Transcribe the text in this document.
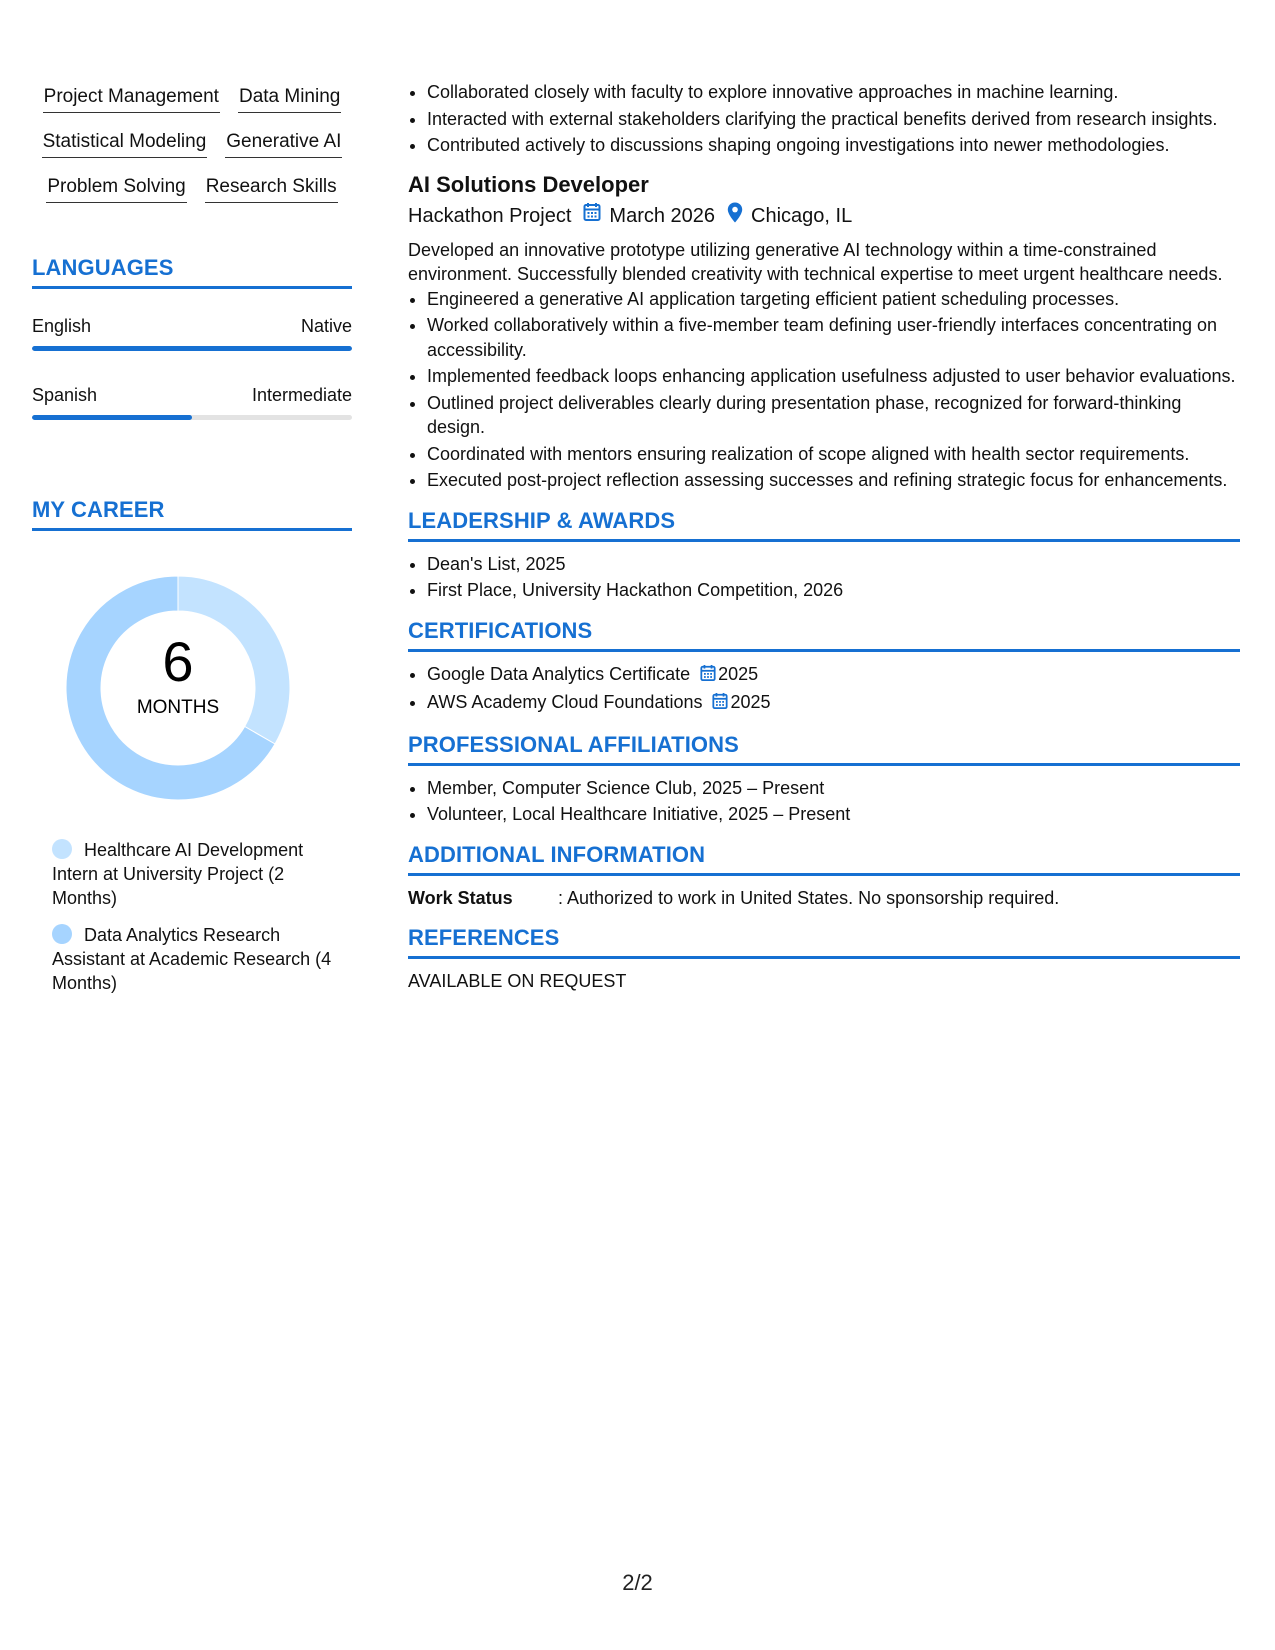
Project Management Data Mining
Statistical Modeling Generative AI
Problem Solving Research Skills
LANGUAGES
English	Native
Spanish	Intermediate
MY CAREER
6
MONTHS
Healthcare AI Development Intern at University Project (2 Months)
Data Analytics Research Assistant at Academic Research (4 Months)
• Collaborated closely with faculty to explore innovative approaches in machine learning.
• Interacted with external stakeholders clarifying the practical benefits derived from research insights.
• Contributed actively to discussions shaping ongoing investigations into newer methodologies.
AI Solutions Developer
Hackathon Project March 2026 Chicago, IL
Developed an innovative prototype utilizing generative AI technology within a time-constrained environment. Successfully blended creativity with technical expertise to meet urgent healthcare needs.
• Engineered a generative AI application targeting efficient patient scheduling processes.
• Worked collaboratively within a five-member team defining user-friendly interfaces concentrating on accessibility.
• Implemented feedback loops enhancing application usefulness adjusted to user behavior evaluations.
• Outlined project deliverables clearly during presentation phase, recognized for forward-thinking design.
• Coordinated with mentors ensuring realization of scope aligned with health sector requirements.
• Executed post-project reflection assessing successes and refining strategic focus for enhancements.
LEADERSHIP & AWARDS
• Dean's List, 2025
• First Place, University Hackathon Competition, 2026
CERTIFICATIONS
• Google Data Analytics Certificate 2025
• AWS Academy Cloud Foundations 2025
PROFESSIONAL AFFILIATIONS
• Member, Computer Science Club, 2025 – Present
• Volunteer, Local Healthcare Initiative, 2025 – Present
ADDITIONAL INFORMATION
Work Status	: Authorized to work in United States. No sponsorship required.
REFERENCES
AVAILABLE ON REQUEST
2/2
